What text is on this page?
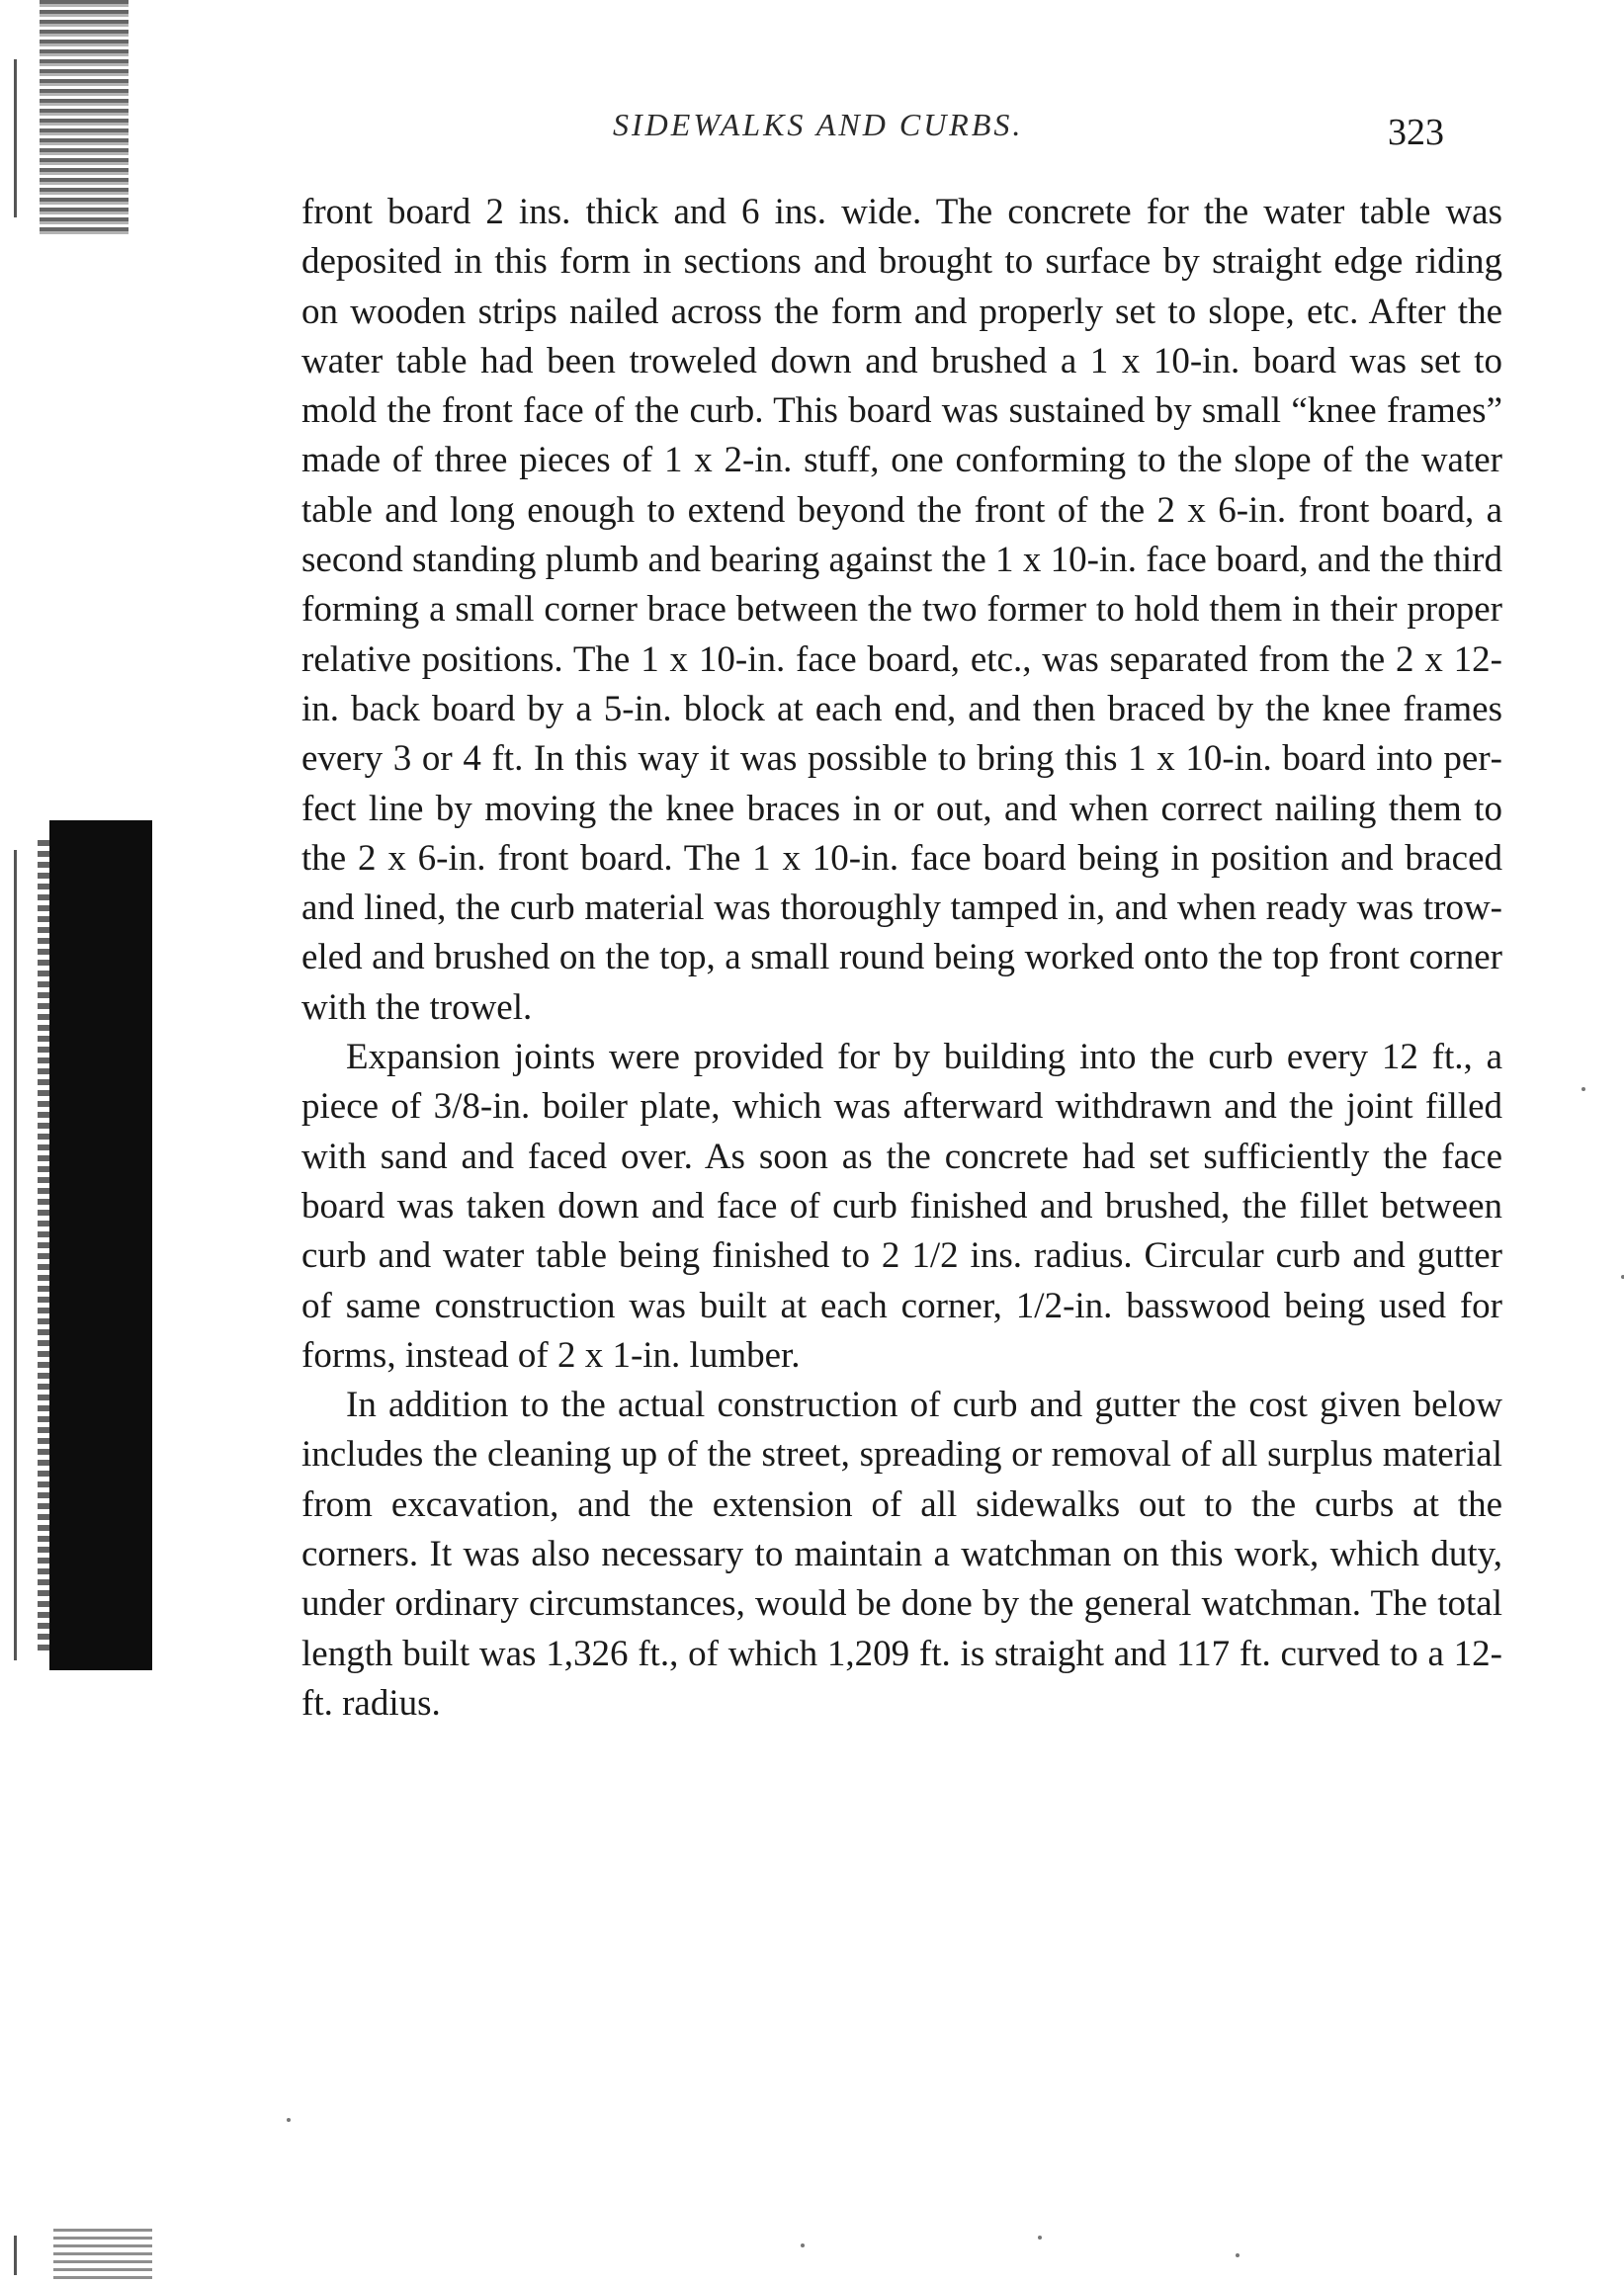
SIDEWALKS AND CURBS.	323

front board 2 ins. thick and 6 ins. wide. The concrete for the water table was deposited in this form in sections and brought to surface by straight edge riding on wooden strips nailed across the form and properly set to slope, etc. After the water table had been troweled down and brushed a 1 x 10-in. board was set to mold the front face of the curb. This board was sustained by small “knee frames” made of three pieces of 1 x 2-in. stuff, one conforming to the slope of the water table and long enough to extend beyond the front of the 2 x 6-in. front board, a second standing plumb and bearing against the 1 x 10-in. face board, and the third forming a small corner brace between the two former to hold them in their proper relative positions. The 1 x 10-in. face board, etc., was separated from the 2 x 12-in. back board by a 5-in. block at each end, and then braced by the knee frames every 3 or 4 ft. In this way it was possible to bring this 1 x 10-in. board into perfect line by moving the knee braces in or out, and when correct nailing them to the 2 x 6-in. front board. The 1 x 10-in. face board being in position and braced and lined, the curb material was thoroughly tamped in, and when ready was troweled and brushed on the top, a small round being worked onto the top front corner with the trowel.

Expansion joints were provided for by building into the curb every 12 ft., a piece of 3/8-in. boiler plate, which was afterward withdrawn and the joint filled with sand and faced over. As soon as the concrete had set sufficiently the face board was taken down and face of curb finished and brushed, the fillet between curb and water table being finished to 2 1/2 ins. radius. Circular curb and gutter of same construction was built at each corner, 1/2-in. basswood being used for forms, instead of 2 x 1-in. lumber.

In addition to the actual construction of curb and gutter the cost given below includes the cleaning up of the street, spreading or removal of all surplus material from excavation, and the extension of all sidewalks out to the curbs at the corners. It was also necessary to maintain a watchman on this work, which duty, under ordinary circumstances, would be done by the general watchman. The total length built was 1,326 ft., of which 1,209 ft. is straight and 117 ft. curved to a 12-ft. radius.
